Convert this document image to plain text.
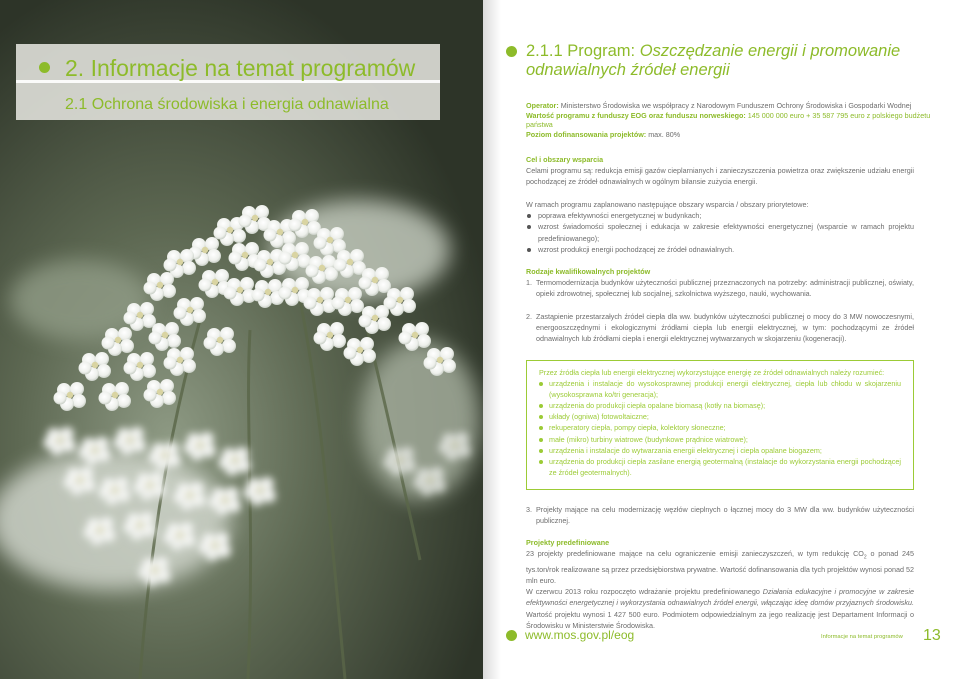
2. Informacje na temat programów
2.1 Ochrona środowiska i energia odnawialna
2.1.1 Program: Oszczędzanie energii i promowanie odnawialnych źródeł energii
Operator: Ministerstwo Środowiska we współpracy z Narodowym Funduszem Ochrony Środowiska i Gospodarki Wodnej
Wartość programu z funduszy EOG oraz funduszu norweskiego: 145 000 000 euro + 35 587 795 euro z polskiego budżetu państwa
Poziom dofinansowania projektów: max. 80%
Cel i obszary wsparcia
Celami programu są: redukcja emisji gazów cieplarnianych i zanieczyszczenia powietrza oraz zwiększenie udziału energii pochodzącej ze źródeł odnawialnych w ogólnym bilansie zużycia energii.
W ramach programu zaplanowano następujące obszary wsparcia / obszary priorytetowe:
poprawa efektywności energetycznej w budynkach;
wzrost świadomości społecznej i edukacja w zakresie efektywności energetycznej (wsparcie w ramach projektu predefiniowanego);
wzrost produkcji energii pochodzącej ze źródeł odnawialnych.
Rodzaje kwalifikowalnych projektów
1. Termomodernizacja budynków użyteczności publicznej przeznaczonych na potrzeby: administracji publicznej, oświaty, opieki zdrowotnej, społecznej lub socjalnej, szkolnictwa wyższego, nauki, wychowania.
2. Zastąpienie przestarzałych źródeł ciepła dla ww. budynków użyteczności publicznej o mocy do 3 MW nowoczesnymi, energooszczędnymi i ekologicznymi źródłami ciepła lub energii elektrycznej, w tym: pochodzącymi ze źródeł odnawialnych lub źródłami ciepła i energii elektrycznej wytwarzanych w skojarzeniu (kogeneracji).
Przez źródła ciepła lub energii elektrycznej wykorzystujące energię ze źródeł odnawialnych należy rozumieć:
urządzenia i instalacje do wysokosprawnej produkcji energii elektrycznej, ciepła lub chłodu w skojarzeniu (wysokosprawna ko/tri generacja);
urządzenia do produkcji ciepła opalane biomasą (kotły na biomasę);
układy (ogniwa) fotowoltaiczne;
rekuperatory ciepła, pompy ciepła, kolektory słoneczne;
małe (mikro) turbiny wiatrowe (budynkowe prądnice wiatrowe);
urządzenia i instalacje do wytwarzania energii elektrycznej i ciepła opalane biogazem;
urządzenia do produkcji ciepła zasilane energią geotermalną (instalacje do wykorzystania energii pochodzącej ze źródeł geotermalnych).
3. Projekty mające na celu modernizację węzłów cieplnych o łącznej mocy do 3 MW dla ww. budynków użyteczności publicznej.
Projekty predefiniowane
23 projekty predefiniowane mające na celu ograniczenie emisji zanieczyszczeń, w tym redukcję $CO_2$ o ponad 245 tys.ton/rok realizowane są przez przedsiębiorstwa prywatne. Wartość dofinansowania dla tych projektów wynosi ponad 52 mln euro.
W czerwcu 2013 roku rozpoczęto wdrażanie projektu predefiniowanego Działania edukacyjne i promocyjne w zakresie efektywności energetycznej i wykorzystania odnawialnych źródeł energii, włączając ideę domów przyjaznych środowisku. Wartość projektu wynosi 1 427 500 euro. Podmiotem odpowiedzialnym za jego realizację jest Departament Informacji o Środowisku w Ministerstwie Środowiska.
www.mos.gov.pl/eog	Informacje na temat programów 13
